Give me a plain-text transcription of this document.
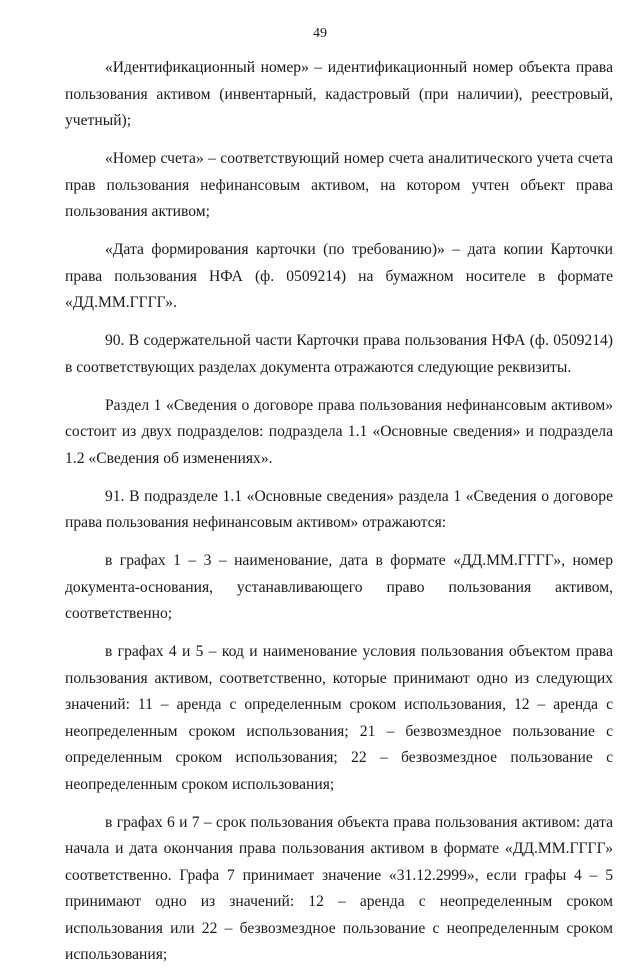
49

«Идентификационный номер» – идентификационный номер объекта права пользования активом (инвентарный, кадастровый (при наличии), реестровый, учетный);

«Номер счета» – соответствующий номер счета аналитического учета счета прав пользования нефинансовым активом, на котором учтен объект права пользования активом;

«Дата формирования карточки (по требованию)» – дата копии Карточки права пользования НФА (ф. 0509214) на бумажном носителе в формате «ДД.ММ.ГГГГ».

90. В содержательной части Карточки права пользования НФА (ф. 0509214) в соответствующих разделах документа отражаются следующие реквизиты.

Раздел 1 «Сведения о договоре права пользования нефинансовым активом» состоит из двух подразделов: подраздела 1.1 «Основные сведения» и подраздела 1.2 «Сведения об изменениях».

91. В подразделе 1.1 «Основные сведения» раздела 1 «Сведения о договоре права пользования нефинансовым активом» отражаются:

в графах 1 – 3 – наименование, дата в формате «ДД.ММ.ГГГГ», номер документа-основания, устанавливающего право пользования активом, соответственно;

в графах 4 и 5 – код и наименование условия пользования объектом права пользования активом, соответственно, которые принимают одно из следующих значений: 11 – аренда с определенным сроком использования, 12 – аренда с неопределенным сроком использования; 21 – безвозмездное пользование с определенным сроком использования; 22 – безвозмездное пользование с неопределенным сроком использования;

в графах 6 и 7 – срок пользования объекта права пользования активом: дата начала и дата окончания права пользования активом в формате «ДД.ММ.ГГГГ» соответственно. Графа 7 принимает значение «31.12.2999», если графы 4 – 5 принимают одно из значений: 12 – аренда с неопределенным сроком использования или 22 – безвозмездное пользование с неопределенным сроком использования;
